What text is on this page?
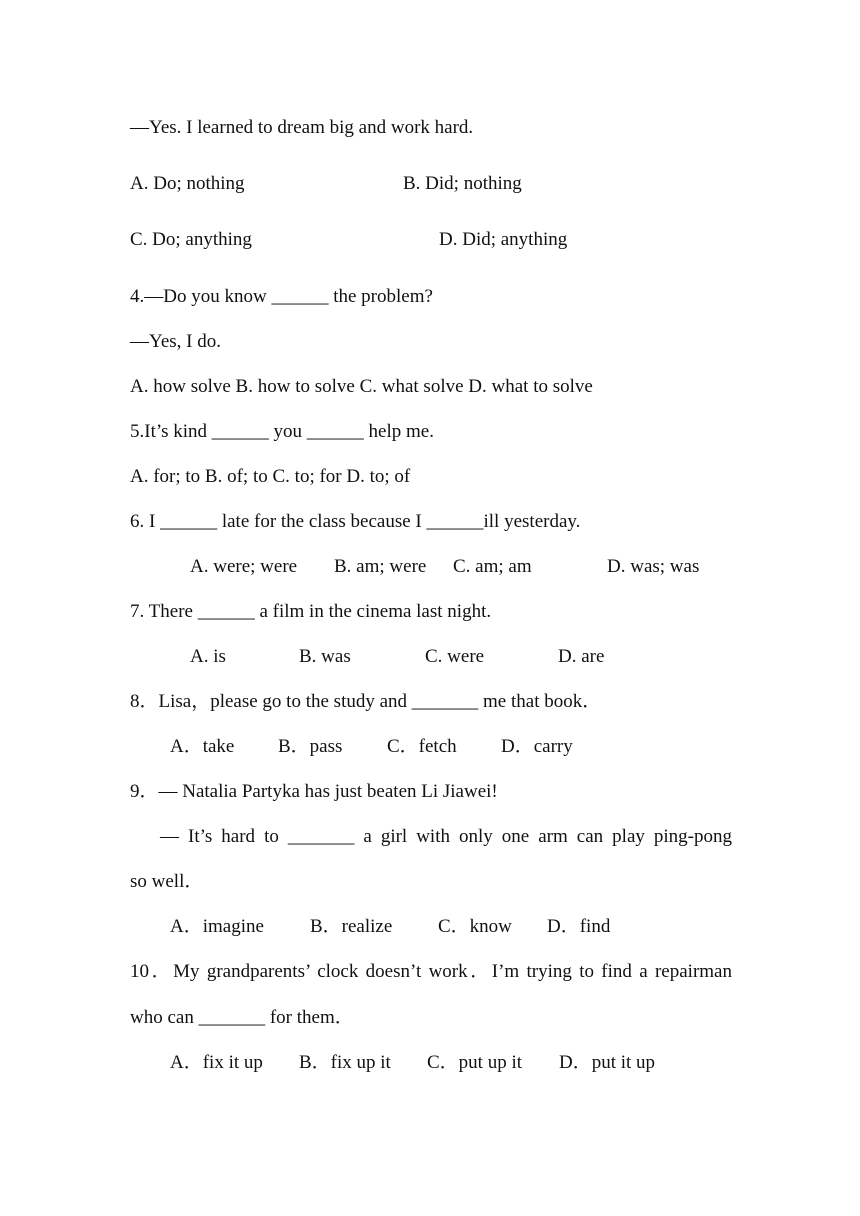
—Yes. I learned to dream big and work hard.
A. Do; nothing	B. Did; nothing
C. Do; anything	D. Did; anything
4.—Do you know ______ the problem?
—Yes, I do.
A. how solve B. how to solve C. what solve D. what to solve
5.It’s kind ______ you ______ help me.
A. for; to B. of; to C. to; for D. to; of
6. I ______ late for the class because I ______ill yesterday.
A. were; were B. am; were C. am; am	D. was; was
7. There ______ a film in the cinema last night.
A. is	B. was	C. were	D. are
8．Lisa，please go to the study and _______ me that book．
A．take B．pass C．fetch D．carry
9．— Natalia Partyka has just beaten Li Jiawei!
— It’s hard to _______ a girl with only one arm can play ping-pong
so well．
A．imagine B．realize C．know D．find
10．My grandparents’ clock doesn’t work．I’m trying to find a repairman
who can _______ for them．
A．fix it up B．fix up it C．put up it D．put it up
